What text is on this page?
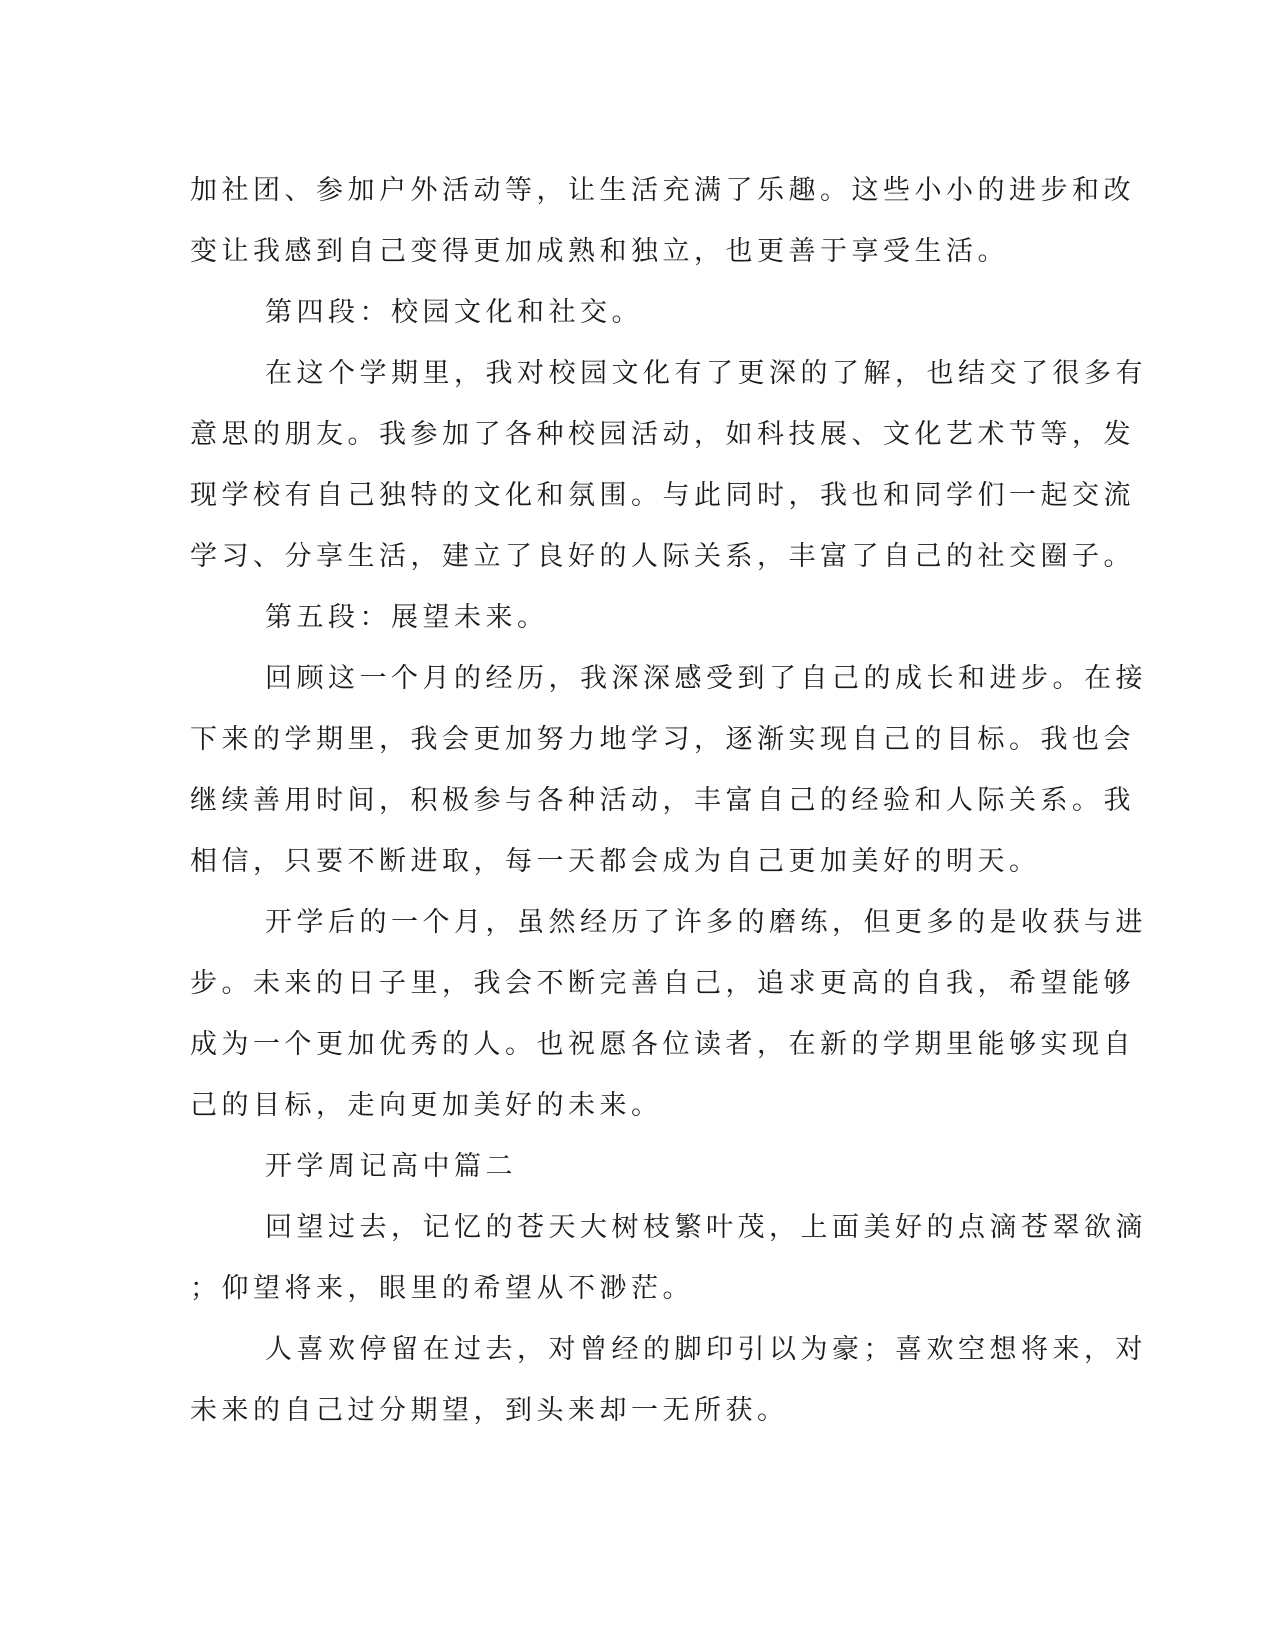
加社团、参加户外活动等，让生活充满了乐趣。这些小小的进步和改
变让我感到自己变得更加成熟和独立，也更善于享受生活。
第四段：校园文化和社交。
在这个学期里，我对校园文化有了更深的了解，也结交了很多有
意思的朋友。我参加了各种校园活动，如科技展、文化艺术节等，发
现学校有自己独特的文化和氛围。与此同时，我也和同学们一起交流
学习、分享生活，建立了良好的人际关系，丰富了自己的社交圈子。
第五段：展望未来。
回顾这一个月的经历，我深深感受到了自己的成长和进步。在接
下来的学期里，我会更加努力地学习，逐渐实现自己的目标。我也会
继续善用时间，积极参与各种活动，丰富自己的经验和人际关系。我
相信，只要不断进取，每一天都会成为自己更加美好的明天。
开学后的一个月，虽然经历了许多的磨练，但更多的是收获与进
步。未来的日子里，我会不断完善自己，追求更高的自我，希望能够
成为一个更加优秀的人。也祝愿各位读者，在新的学期里能够实现自
己的目标，走向更加美好的未来。
开学周记高中篇二
回望过去，记忆的苍天大树枝繁叶茂，上面美好的点滴苍翠欲滴
；仰望将来，眼里的希望从不渺茫。
人喜欢停留在过去，对曾经的脚印引以为豪；喜欢空想将来，对
未来的自己过分期望，到头来却一无所获。
